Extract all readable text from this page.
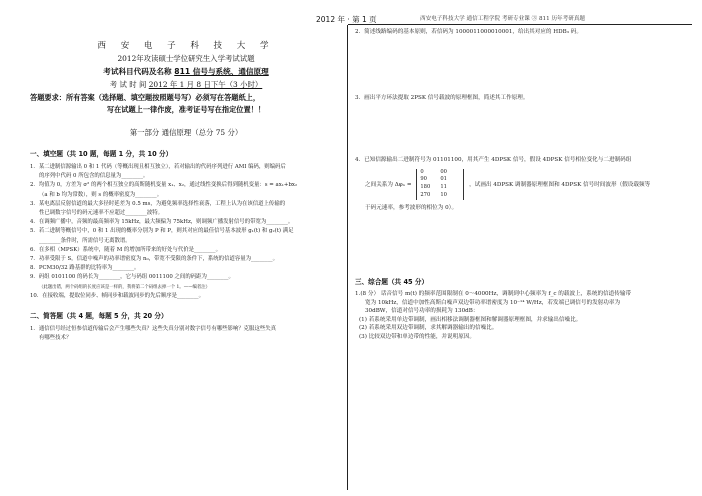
2012 年 · 第 1 页	西安电子科技大学 通信工程学院 考研专业课 ③ 811 历年考研真题
西 安 电 子 科 技 大 学
2012年攻读硕士学位研究生入学考试试题
考试科目代码及名称 811 信号与系统、通信原理
考 试 时 间 2012 年 1 月 8 日下午（3 小时）
答题要求：所有答案（选择题、填空题按照题号写）必须写在答题纸上，
写在试题上一律作废，准考证号写在指定位置！！
第一部分 通信原理（总分 75 分）
一、填空题（共 10 题，每题 1 分，共 10 分）
1．某二进制信源输出 0 和 1 代码（等概出现且相互独立），若对输出的代码序列进行 AMI 编码，则编码后
的序列中代码 0 所包含的信息量为________。
2．均值为 0，方差为 σ² 的两个相互独立的高斯随机变量 x₁、x₂，通过线性变换后得到随机变量：s = ax₁+bx₂
（a 和 b 均为常数），则 s 的概率密度为________。
3．某电离层反射信道的最大多径时延差为 0.5 ms，为避免频率选择性衰落，工程上认为在该信道上传输的
性已调数字信号的码元速率不应超过________波特。
4．在调频广播中，音频的最高频率为 15kHz，最大频偏为 75kHz，则调频广播发射信号的带宽为________。
5．若二进制等概信号中，0 和 1 出现的概率分别为 P 和 P，则其对应的最佳信号基本波形 g₁(t) 和 g₂(t) 满足
________条件时，所需信号无离散谱。
6．在多相（MPSK）系统中，随着 M 的增加所带来的好处与代价是________。
7．功率受限于 S，信道中噪声的功率谱密度为 n₀，带宽不受限的条件下，系统的信道容量为________。
8．PCM30/32 路基群的比特率为________。
9．码组 0101100 的码长为________，它与码组 0011100 之间的码距为________。
（此题出错，两个码组的长度应该是一样的，我将第二个码组去掉一个 1。——编者注）
10．在接收端，提取位同步、帧同步和载波同步的先后顺序是________。
二、简答题（共 4 题，每题 5 分，共 20 分）
1．通信信号经过恒参信道传输后会产生哪些失真？这些失真分别对数字信号有哪些影响？克服这些失真
有哪些技术？
2．简述线路编码的基本原则，若信码为 1000011000010001，给出其对应的 HDB₃ 码。
3．画出平方环法提取 2PSK 信号载波的原理框图，简述其工作原理。
4．已知信源输出二进制符号为 01101100，用其产生 4DPSK 信号，假设 4DPSK 信号相位变化与二进制码组
之间关系为 Δφₙ =
0	00
90	01
180 11
270 10
，试画出 4DPSK 调制器原理框图和 4DPSK 信号时间波形（假设载频等
于码元速率，参考波形的相位为 0）。
三、综合题（共 45 分）
1.(8 分） 话音信号 m(t) 的频率范围限制在 0～4000Hz，调制到中心频率为 f_c 的载波上，系统的信道传输带
宽为 10kHz，信道中加性高斯白噪声双边带功率谱密度为 10⁻¹⁴ W/Hz，若发端已调信号的发射功率为
30dBW，信道对信号功率的损耗为 130dB：
(1) 若系统采用单边带调制，画出相移法调制器框图和解调器原理框图，并求输出信噪比。
(2) 若系统采用双边带调制，求其解调器输出的信噪比。
(3) 比较双边带和单边带的性能，并说明原因。
